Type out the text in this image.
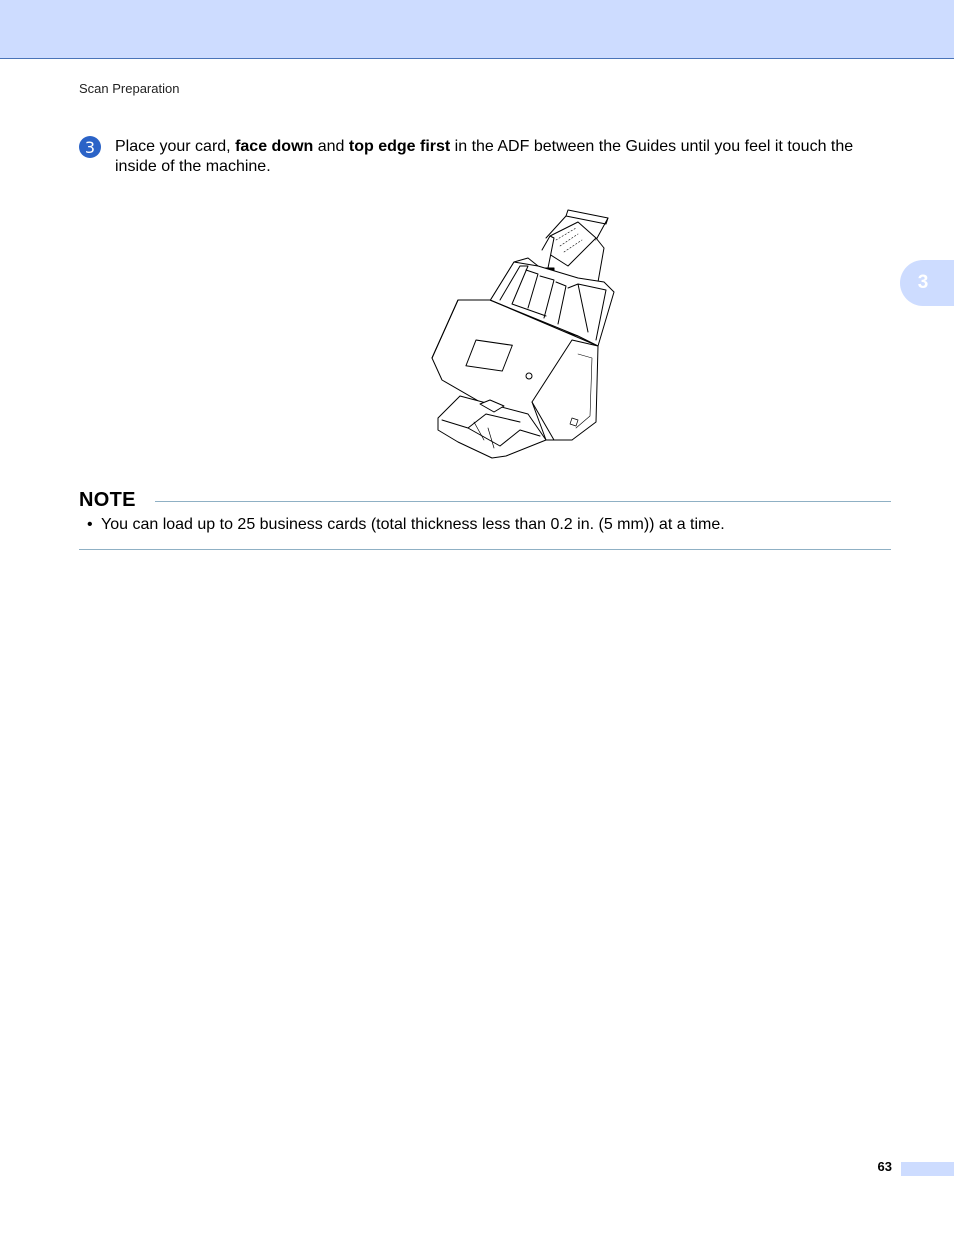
Scan Preparation
3
3 Place your card, face down and top edge first in the ADF between the Guides until you feel it touch the inside of the machine.
NOTE
• You can load up to 25 business cards (total thickness less than 0.2 in. (5 mm)) at a time.
63
